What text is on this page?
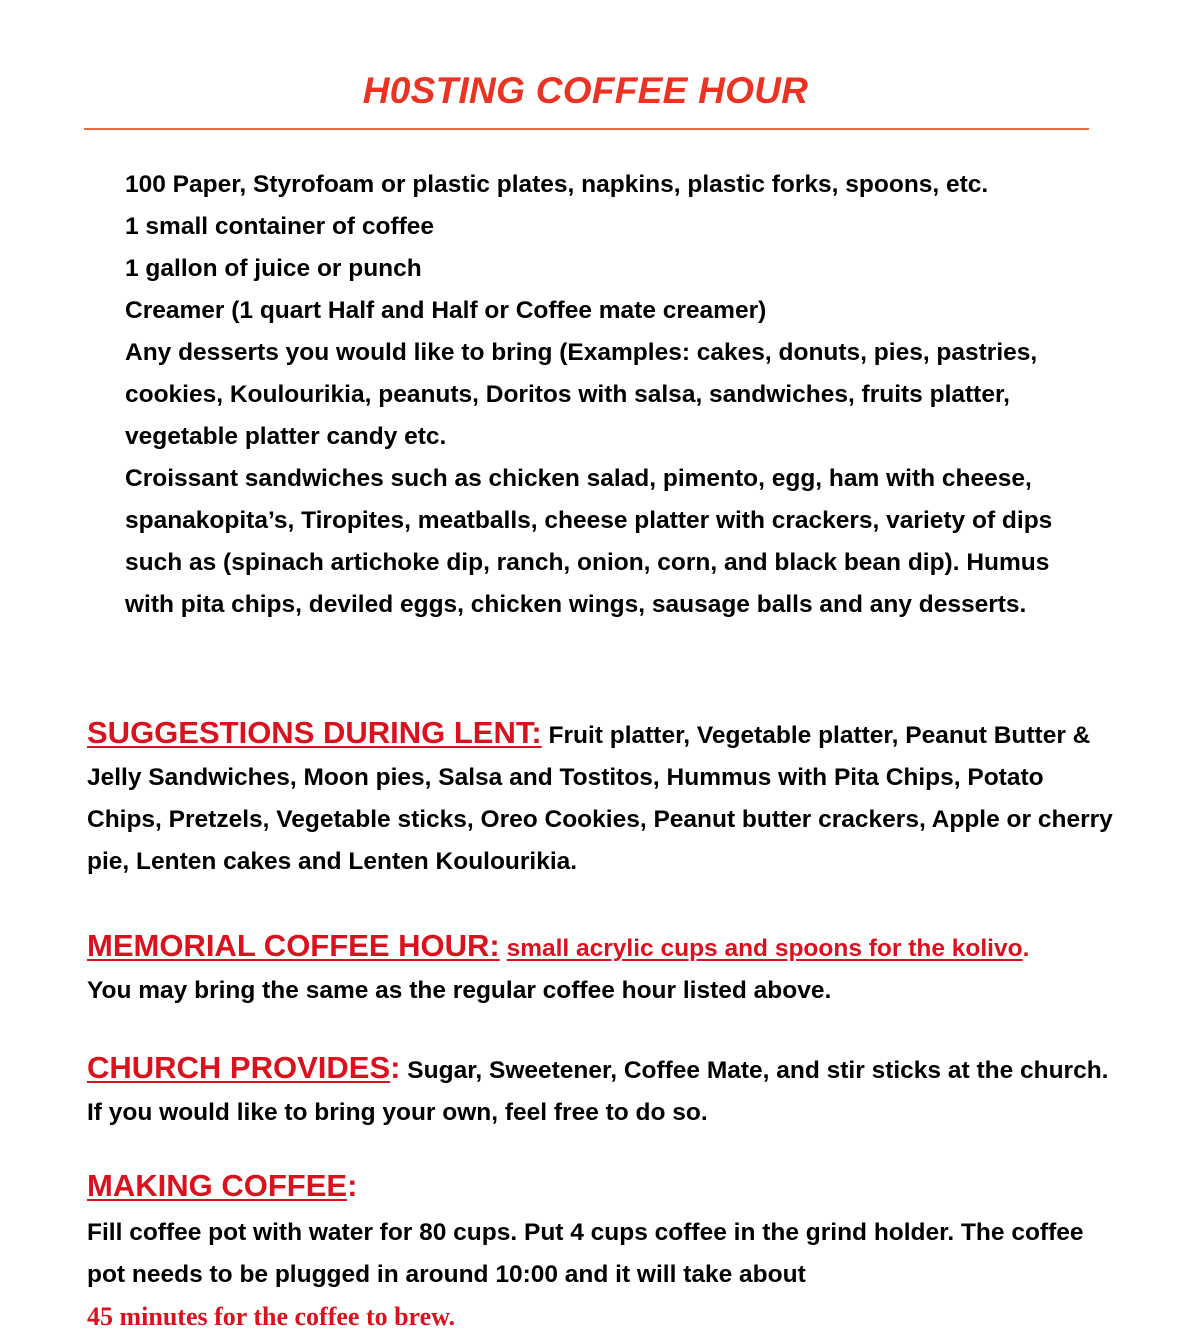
H0STING COFFEE HOUR
100 Paper, Styrofoam or plastic plates, napkins, plastic forks, spoons, etc.
1 small container of coffee
1 gallon of juice or punch
Creamer (1 quart Half and Half or Coffee mate creamer)
Any desserts you would like to bring (Examples: cakes, donuts, pies, pastries, cookies, Koulourikia, peanuts, Doritos with salsa, sandwiches, fruits platter, vegetable platter candy etc.
Croissant sandwiches such as chicken salad, pimento, egg, ham with cheese, spanakopita’s, Tiropites, meatballs, cheese platter with crackers, variety of dips such as (spinach artichoke dip, ranch, onion, corn, and black bean dip). Humus with pita chips, deviled eggs, chicken wings, sausage balls and any desserts.

SUGGESTIONS DURING LENT: Fruit platter, Vegetable platter, Peanut Butter & Jelly Sandwiches, Moon pies, Salsa and Tostitos, Hummus with Pita Chips, Potato Chips, Pretzels, Vegetable sticks, Oreo Cookies, Peanut butter crackers, Apple or cherry pie, Lenten cakes and Lenten Koulourikia.

MEMORIAL COFFEE HOUR: small acrylic cups and spoons for the kolivo.
You may bring the same as the regular coffee hour listed above.

CHURCH PROVIDES: Sugar, Sweetener, Coffee Mate, and stir sticks at the church. If you would like to bring your own, feel free to do so.

MAKING COFFEE:
Fill coffee pot with water for 80 cups. Put 4 cups coffee in the grind holder. The coffee pot needs to be plugged in around 10:00 and it will take about
45 minutes for the coffee to brew.
